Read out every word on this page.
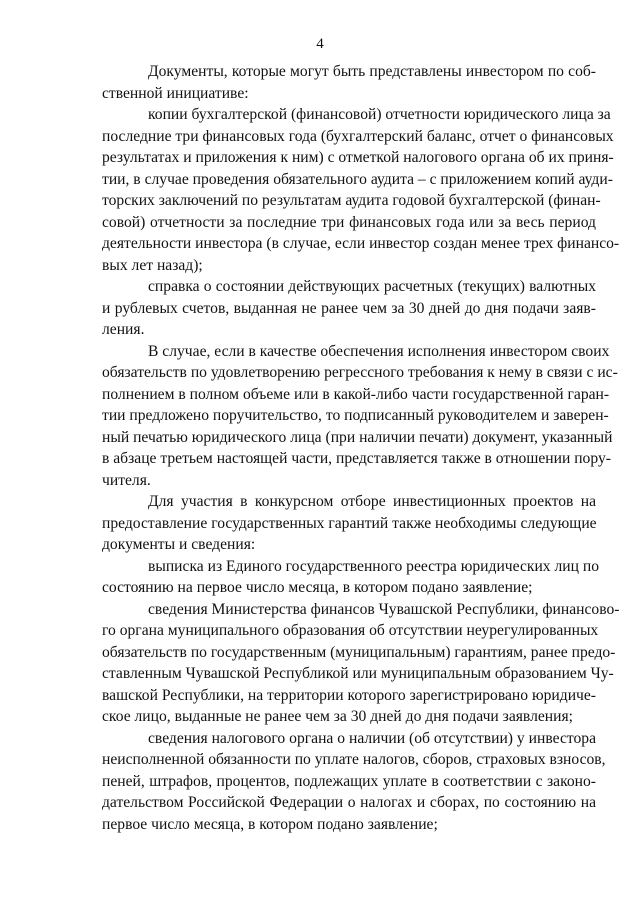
4

Документы, которые могут быть представлены инвестором по соб-
ственной инициативе:

копии бухгалтерской (финансовой) отчетности юридического лица за
последние три финансовых года (бухгалтерский баланс, отчет о финансовых
результатах и приложения к ним) с отметкой налогового органа об их приня-
тии, в случае проведения обязательного аудита – с приложением копий ауди-
торских заключений по результатам аудита годовой бухгалтерской (финан-
совой) отчетности за последние три финансовых года или за весь период
деятельности инвестора (в случае, если инвестор создан менее трех финансо-
вых лет назад);

справка о состоянии действующих расчетных (текущих) валютных
и рублевых счетов, выданная не ранее чем за 30 дней до дня подачи заяв-
ления.

В случае, если в качестве обеспечения исполнения инвестором своих
обязательств по удовлетворению регрессного требования к нему в связи с ис-
полнением в полном объеме или в какой-либо части государственной гаран-
тии предложено поручительство, то подписанный руководителем и заверен-
ный печатью юридического лица (при наличии печати) документ, указанный
в абзаце третьем настоящей части, представляется также в отношении пору-
чителя.

Для участия в конкурсном отборе инвестиционных проектов на
предоставление государственных гарантий также необходимы следующие
документы и сведения:

выписка из Единого государственного реестра юридических лиц по
состоянию на первое число месяца, в котором подано заявление;

сведения Министерства финансов Чувашской Республики, финансово-
го органа муниципального образования об отсутствии неурегулированных
обязательств по государственным (муниципальным) гарантиям, ранее предо-
ставленным Чувашской Республикой или муниципальным образованием Чу-
вашской Республики, на территории которого зарегистрировано юридиче-
ское лицо, выданные не ранее чем за 30 дней до дня подачи заявления;

сведения налогового органа о наличии (об отсутствии) у инвестора
неисполненной обязанности по уплате налогов, сборов, страховых взносов,
пеней, штрафов, процентов, подлежащих уплате в соответствии с законо-
дательством Российской Федерации о налогах и сборах, по состоянию на
первое число месяца, в котором подано заявление;
